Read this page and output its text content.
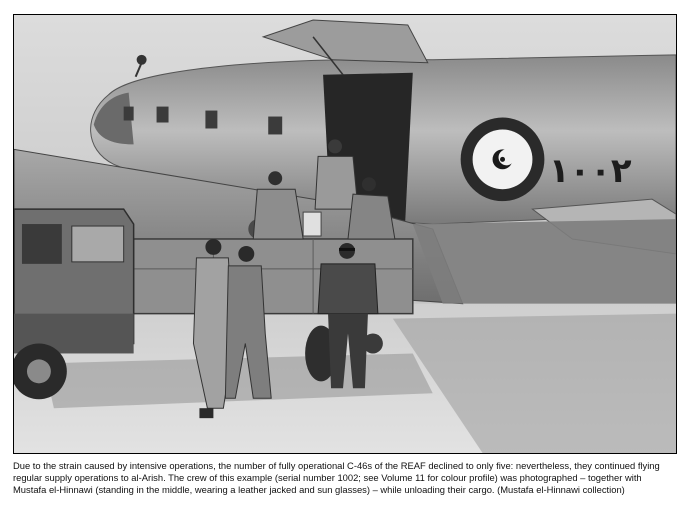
١٠٠٢

Due to the strain caused by intensive operations, the number of fully operational C-46s of the REAF declined to only five: nevertheless, they continued flying regular supply operations to al-Arish. The crew of this example (serial number 1002; see Volume 11 for colour profile) was photographed – together with Mustafa el-Hinnawi (standing in the middle, wearing a leather jacked and sun glasses) – while unloading their cargo. (Mustafa el-Hinnawi collection)
